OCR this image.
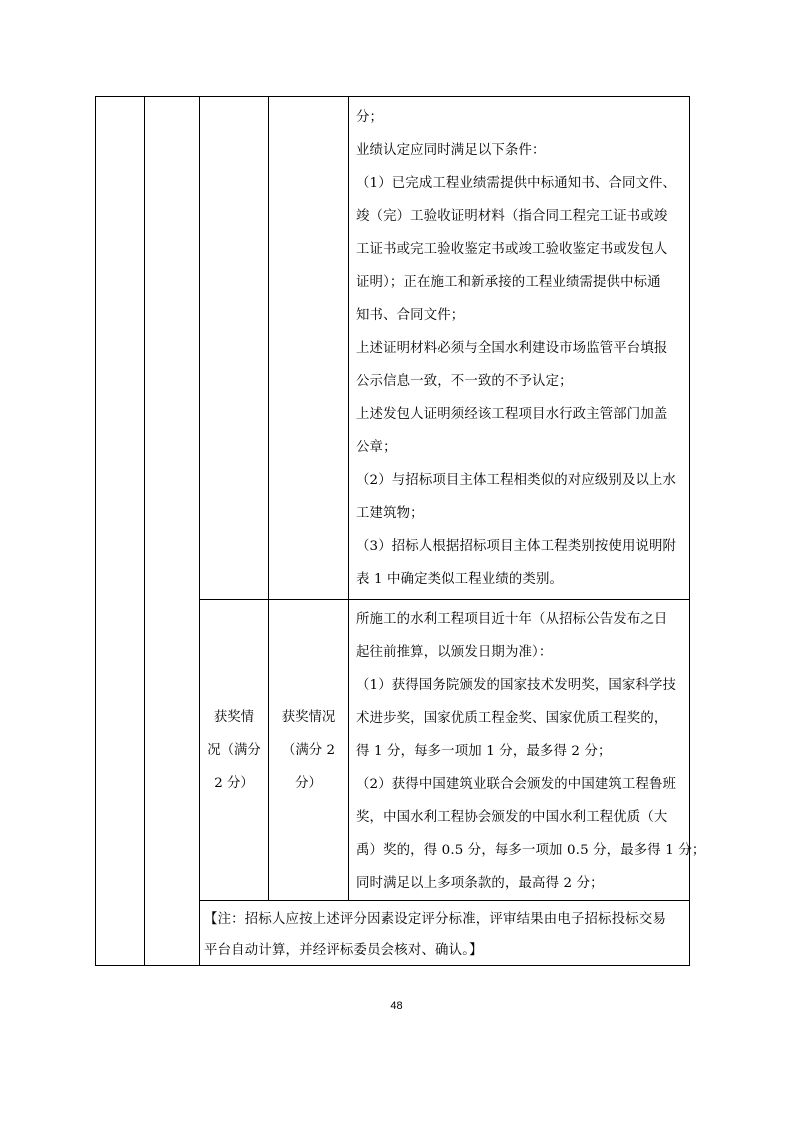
分；

业绩认定应同时满足以下条件：

（1）已完成工程业绩需提供中标通知书、合同文件、

竣（完）工验收证明材料（指合同工程完工证书或竣

工证书或完工验收鉴定书或竣工验收鉴定书或发包人

证明）；正在施工和新承接的工程业绩需提供中标通

知书、合同文件；

上述证明材料必须与全国水利建设市场监管平台填报

公示信息一致，不一致的不予认定；

上述发包人证明须经该工程项目水行政主管部门加盖

公章；

（2）与招标项目主体工程相类似的对应级别及以上水

工建筑物；

（3）招标人根据招标项目主体工程类别按使用说明附

表 1 中确定类似工程业绩的类别。

获奖情

况（满分

2 分）

获奖情况

（满分 2

分）

所施工的水利工程项目近十年（从招标公告发布之日

起往前推算，以颁发日期为准）：

（1）获得国务院颁发的国家技术发明奖，国家科学技

术进步奖，国家优质工程金奖、国家优质工程奖的，

得 1 分，每多一项加 1 分，最多得 2 分；

（2）获得中国建筑业联合会颁发的中国建筑工程鲁班

奖，中国水利工程协会颁发的中国水利工程优质（大

禹）奖的，得 0.5 分，每多一项加 0.5 分，最多得 1 分；

同时满足以上多项条款的，最高得 2 分；

【注：招标人应按上述评分因素设定评分标准，评审结果由电子招标投标交易

平台自动计算，并经评标委员会核对、确认。】

48
